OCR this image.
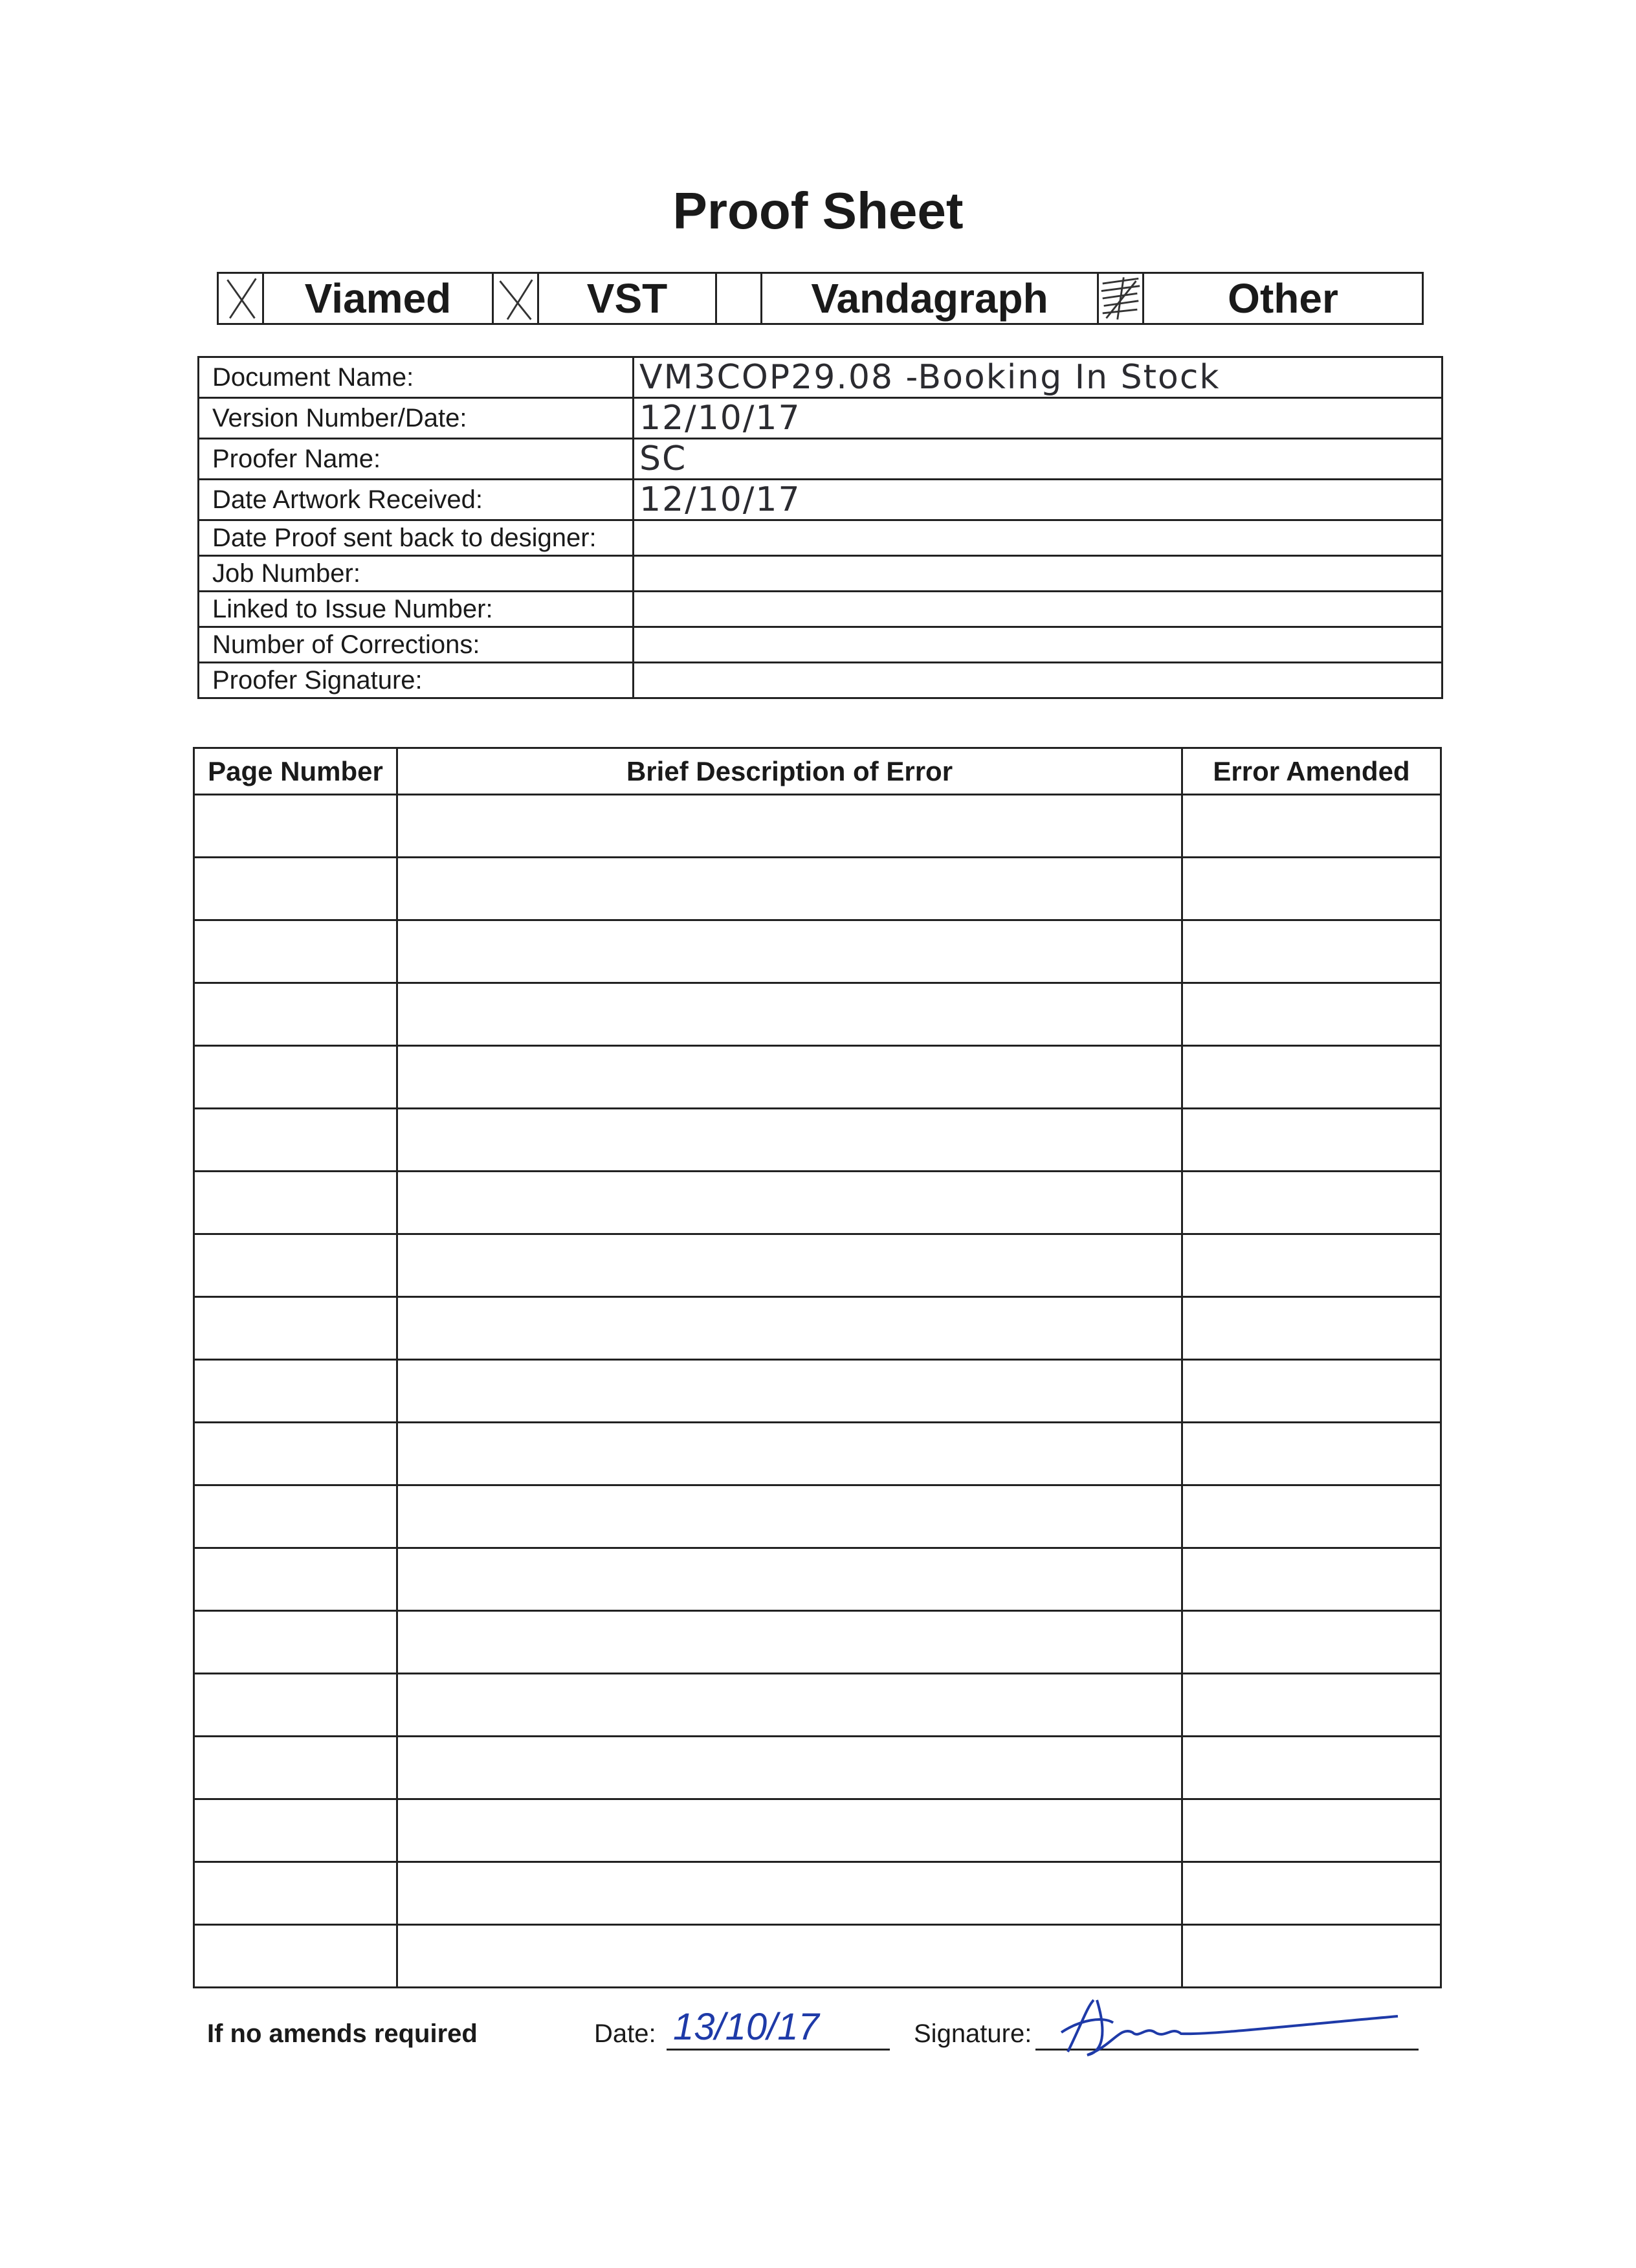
Proof Sheet
Viamed	VST	Vandagraph	Other
Document Name:	VM3COP29.08 -Booking In Stock
Version Number/Date:	12/10/17
Proofer Name:	SC
Date Artwork Received:	12/10/17
Date Proof sent back to designer:	
Job Number:	
Linked to Issue Number:	
Number of Corrections:	
Proofer Signature:	
Page Number	Brief Description of Error	Error Amended

If no amends required	Date: 13/10/17	Signature:
